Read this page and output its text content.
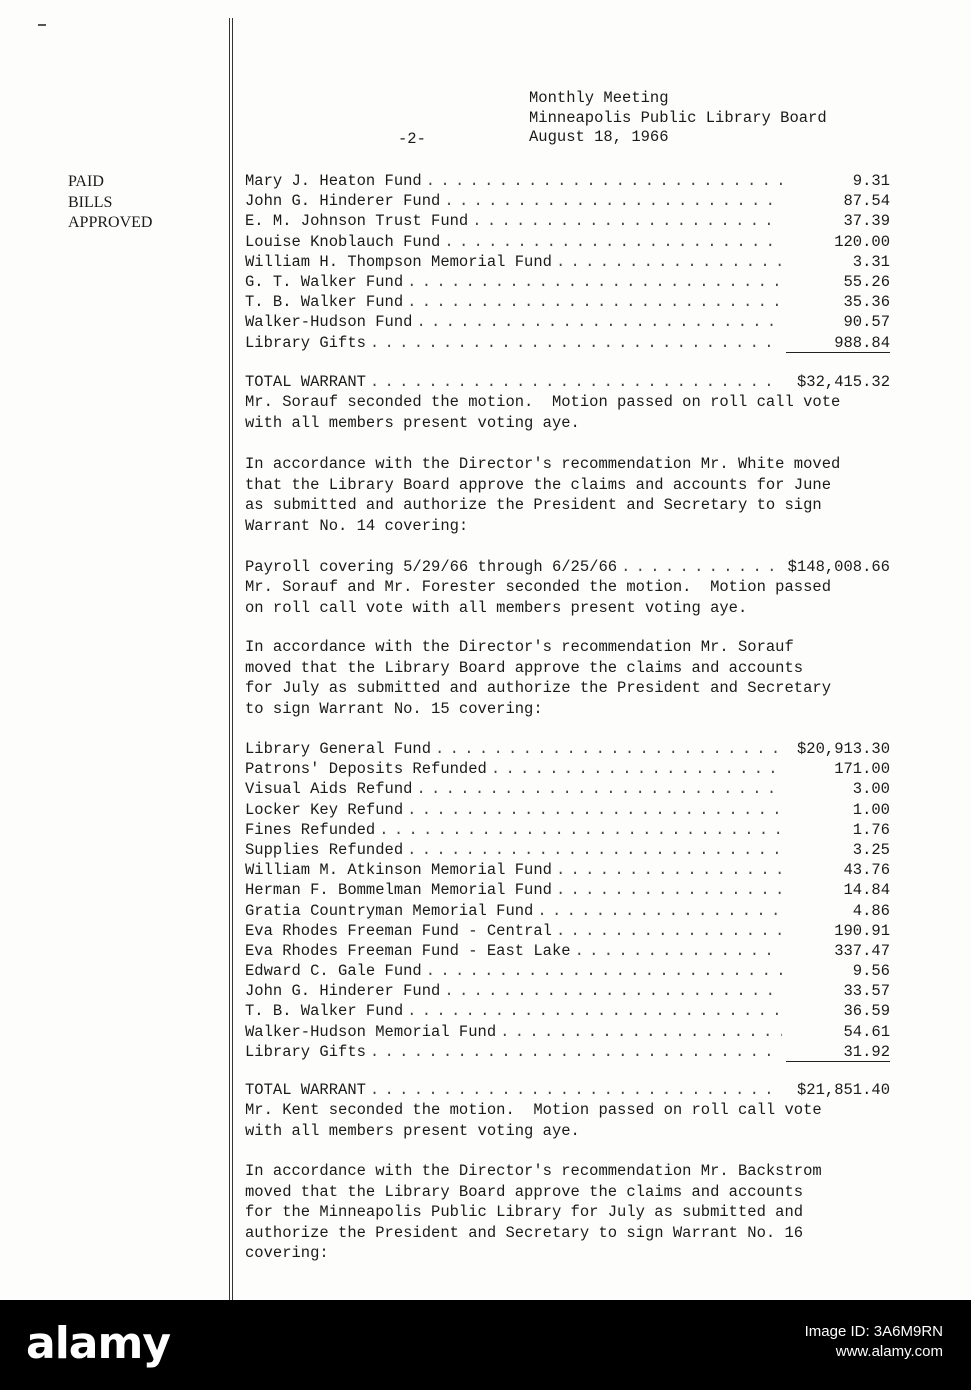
Monthly Meeting
Minneapolis Public Library Board
August 18, 1966
-2-
PAID
BILLS
APPROVED
Mary J. Heaton Fund . . .	9.31
John G. Hinderer Fund . . .	87.54
E. M. Johnson Trust Fund . . .	37.39
Louise Knoblauch Fund . . .	120.00
William H. Thompson Memorial Fund . . .	3.31
G. T. Walker Fund . . .	55.26
T. B. Walker Fund . . .	35.36
Walker-Hudson Fund . . .	90.57
Library Gifts . . .	988.84
TOTAL WARRANT . . .	$32,415.32
Mr. Sorauf seconded the motion.  Motion passed on roll call vote
with all members present voting aye.
In accordance with the Director's recommendation Mr. White moved
that the Library Board approve the claims and accounts for June
as submitted and authorize the President and Secretary to sign
Warrant No. 14 covering:
Payroll covering 5/29/66 through 6/25/66 . . .	$148,008.66
Mr. Sorauf and Mr. Forester seconded the motion.  Motion passed
on roll call vote with all members present voting aye.
In accordance with the Director's recommendation Mr. Sorauf
moved that the Library Board approve the claims and accounts
for July as submitted and authorize the President and Secretary
to sign Warrant No. 15 covering:
Library General Fund . . .	$20,913.30
Patrons' Deposits Refunded . . .	171.00
Visual Aids Refund . . .	3.00
Locker Key Refund . . .	1.00
Fines Refunded . . .	1.76
Supplies Refunded . . .	3.25
William M. Atkinson Memorial Fund . . .	43.76
Herman F. Bommelman Memorial Fund . . .	14.84
Gratia Countryman Memorial Fund . . .	4.86
Eva Rhodes Freeman Fund - Central . . .	190.91
Eva Rhodes Freeman Fund - East Lake . . .	337.47
Edward C. Gale Fund . . .	9.56
John G. Hinderer Fund . . .	33.57
T. B. Walker Fund . . .	36.59
Walker-Hudson Memorial Fund . . .	54.61
Library Gifts . . .	31.92
TOTAL WARRANT . . .	$21,851.40
Mr. Kent seconded the motion.  Motion passed on roll call vote
with all members present voting aye.
In accordance with the Director's recommendation Mr. Backstrom
moved that the Library Board approve the claims and accounts
for the Minneapolis Public Library for July as submitted and
authorize the President and Secretary to sign Warrant No. 16
covering:
alamy	Image ID: 3A6M9RN
www.alamy.com
